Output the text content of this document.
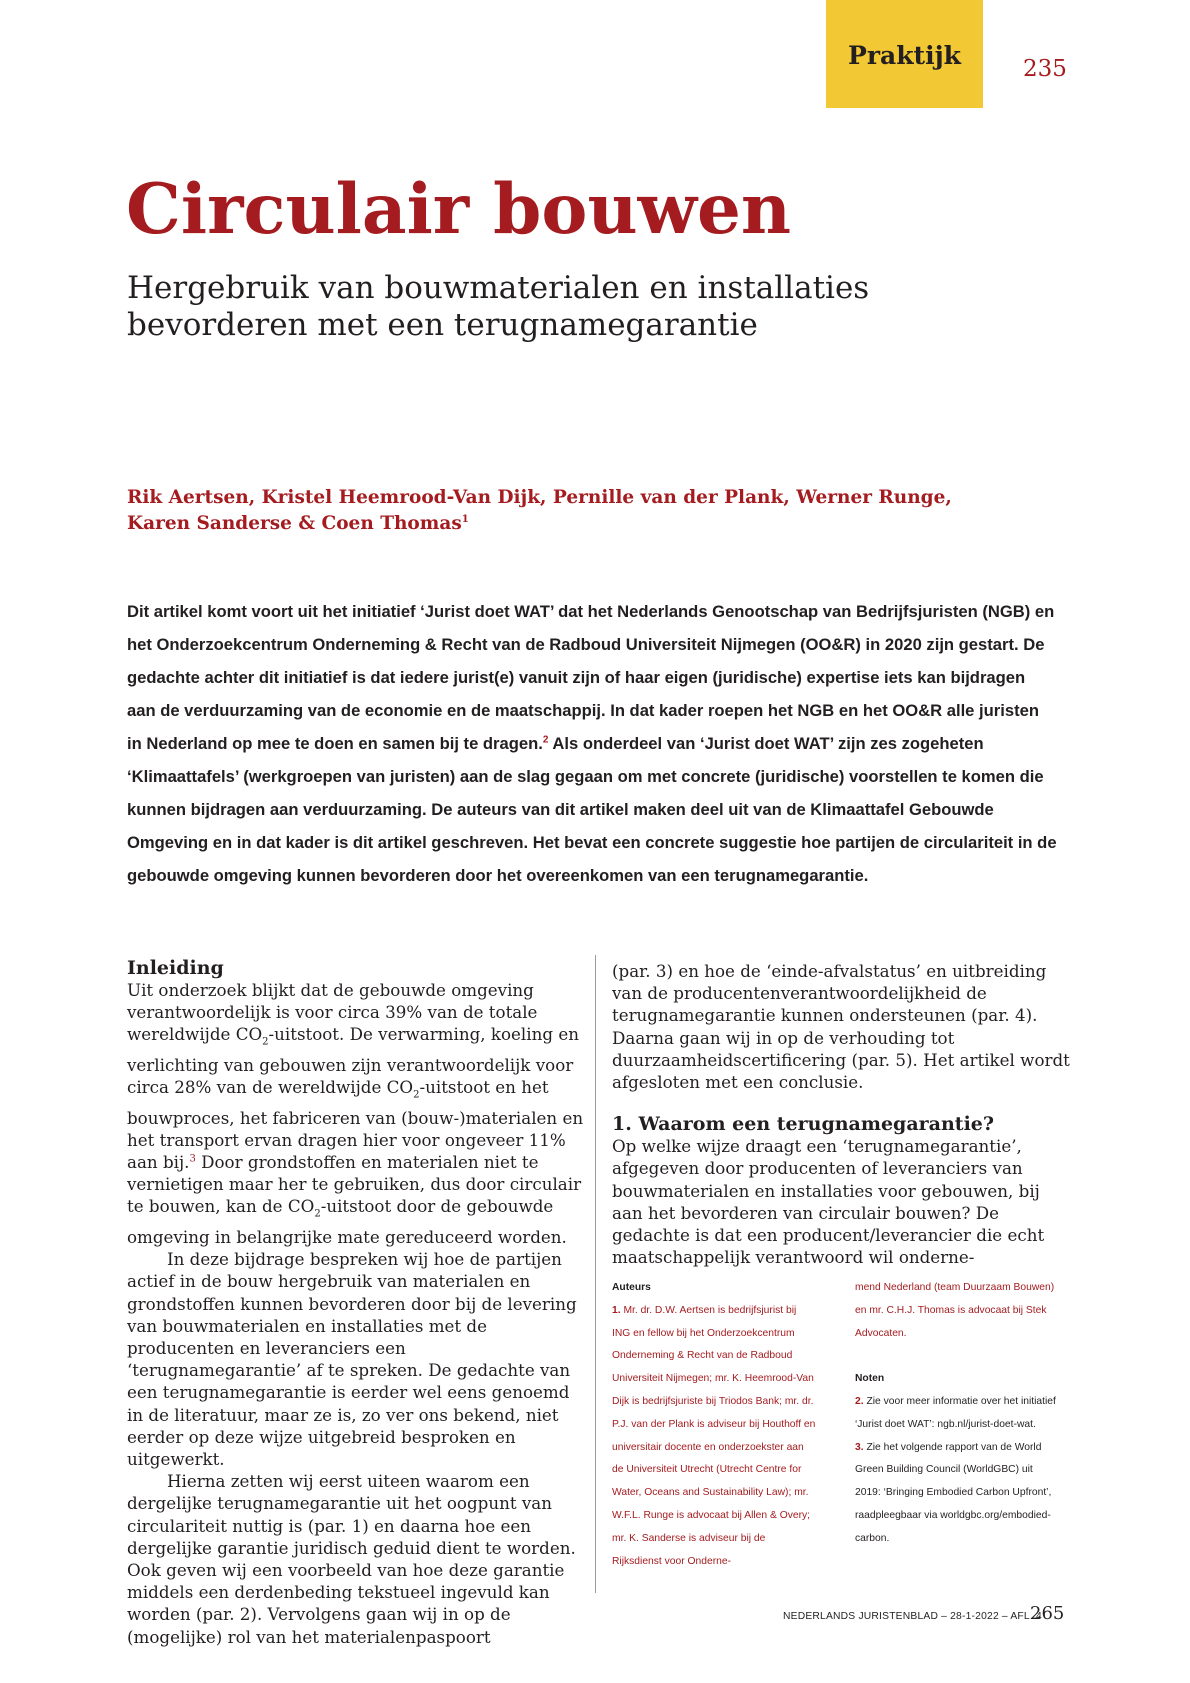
Praktijk	235
Circulair bouwen
Hergebruik van bouwmaterialen en installaties
bevorderen met een terugnamegarantie
Rik Aertsen, Kristel Heemrood-Van Dijk, Pernille van der Plank, Werner Runge,
Karen Sanderse & Coen Thomas$^1$
Dit artikel komt voort uit het initiatief ‘Jurist doet WAT’ dat het Nederlands Genootschap van Bedrijfsjuristen (NGB) en het Onderzoekcentrum Onderneming & Recht van de Radboud Universiteit Nijmegen (OO&R) in 2020 zijn gestart. De gedachte achter dit initiatief is dat iedere jurist(e) vanuit zijn of haar eigen (juridische) expertise iets kan bijdragen aan de verduurzaming van de economie en de maatschappij. In dat kader roepen het NGB en het OO&R alle juristen in Nederland op mee te doen en samen bij te dragen.$^2$ Als onderdeel van ‘Jurist doet WAT’ zijn zes zogeheten ‘Klimaattafels’ (werkgroepen van juristen) aan de slag gegaan om met concrete (juridische) voorstellen te komen die kunnen bijdragen aan verduurzaming. De auteurs van dit artikel maken deel uit van de Klimaattafel Gebouwde Omgeving en in dat kader is dit artikel geschreven. Het bevat een concrete suggestie hoe partijen de circulariteit in de gebouwde omgeving kunnen bevorderen door het overeenkomen van een terugnamegarantie.
Inleiding

Uit onderzoek blijkt dat de gebouwde omgeving verantwoordelijk is voor circa 39% van de totale wereldwijde $CO_2$-uitstoot. De verwarming, koeling en verlichting van gebouwen zijn verantwoordelijk voor circa 28% van de wereldwijde $CO_2$-uitstoot en het bouwproces, het fabriceren van (bouw-)materialen en het transport ervan dragen hier voor ongeveer 11% aan bij.$^3$ Door grondstoffen en materialen niet te vernietigen maar her te gebruiken, dus door circulair te bouwen, kan de $CO_2$-uitstoot door de gebouwde omgeving in belangrijke mate gereduceerd worden.

In deze bijdrage bespreken wij hoe de partijen actief in de bouw hergebruik van materialen en grondstoffen kunnen bevorderen door bij de levering van bouwmaterialen en installaties met de producenten en leveranciers een ‘terugnamegarantie’ af te spreken. De gedachte van een terugnamegarantie is eerder wel eens genoemd in de literatuur, maar ze is, zo ver ons bekend, niet eerder op deze wijze uitgebreid besproken en uitgewerkt.

Hierna zetten wij eerst uiteen waarom een dergelijke terugnamegarantie uit het oogpunt van circulariteit nuttig is (par. 1) en daarna hoe een dergelijke garantie juridisch geduid dient te worden. Ook geven wij een voorbeeld van hoe deze garantie middels een derdenbeding tekstueel ingevuld kan worden (par. 2). Vervolgens gaan wij in op de (mogelijke) rol van het materialenpaspoort

(par. 3) en hoe de ‘einde-afvalstatus’ en uitbreiding van de producentenverantwoordelijkheid de terugnamegarantie kunnen ondersteunen (par. 4). Daarna gaan wij in op de verhouding tot duurzaamheidscertificering (par. 5). Het artikel wordt afgesloten met een conclusie.

1. Waarom een terugnamegarantie?

Op welke wijze draagt een ‘terugnamegarantie’, afgegeven door producenten of leveranciers van bouwmaterialen en installaties voor gebouwen, bij aan het bevorderen van circulair bouwen? De gedachte is dat een producent/leverancier die echt maatschappelijk verantwoord wil onderne-

Auteurs
1. Mr. dr. D.W. Aertsen is bedrijfsjurist bij ING en fellow bij het Onderzoekcentrum Onderneming & Recht van de Radboud Universiteit Nijmegen; mr. K. Heemrood-Van Dijk is bedrijfsjuriste bij Triodos Bank; mr. dr. P.J. van der Plank is adviseur bij Houthoff en universitair docente en onderzoekster aan de Universiteit Utrecht (Utrecht Centre for Water, Oceans and Sustainability Law); mr. W.F.L. Runge is advocaat bij Allen & Overy; mr. K. Sanderse is adviseur bij de Rijksdienst voor Onderne-
mend Nederland (team Duurzaam Bouwen) en mr. C.H.J. Thomas is advocaat bij Stek Advocaten.
Noten
2. Zie voor meer informatie over het initiatief ‘Jurist doet WAT’: ngb.nl/jurist-doet-wat.
3. Zie het volgende rapport van de World Green Building Council (WorldGBC) uit 2019: ‘Bringing Embodied Carbon Upfront’, raadpleegbaar via worldgbc.org/embodied-carbon.
NEDERLANDS JURISTENBLAD – 28-1-2022 – AFL. 4
265
